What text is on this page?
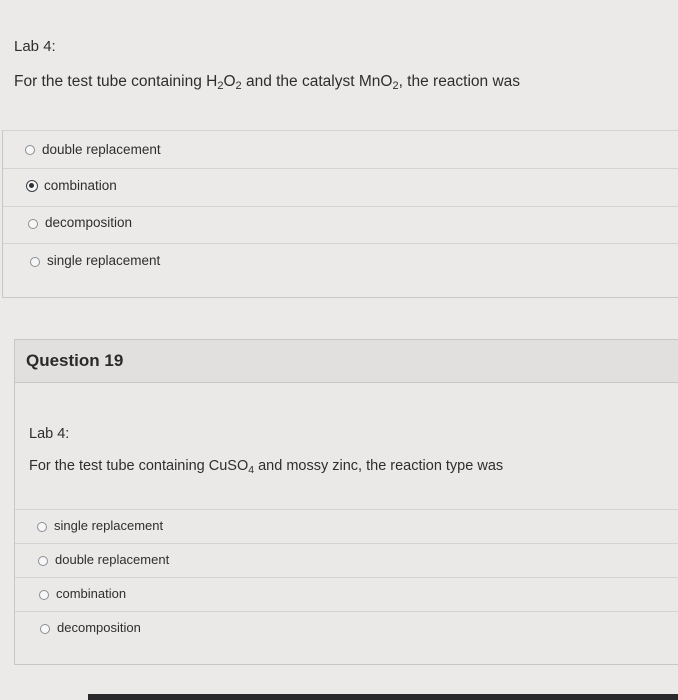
Lab 4:
For the test tube containing $H_2O_2$ and the catalyst MnO$_2$, the reaction was
double replacement
combination
decomposition
single replacement
Question 19
Lab 4:
For the test tube containing CuSO$_4$ and mossy zinc, the reaction type was
single replacement
double replacement
combination
decomposition
